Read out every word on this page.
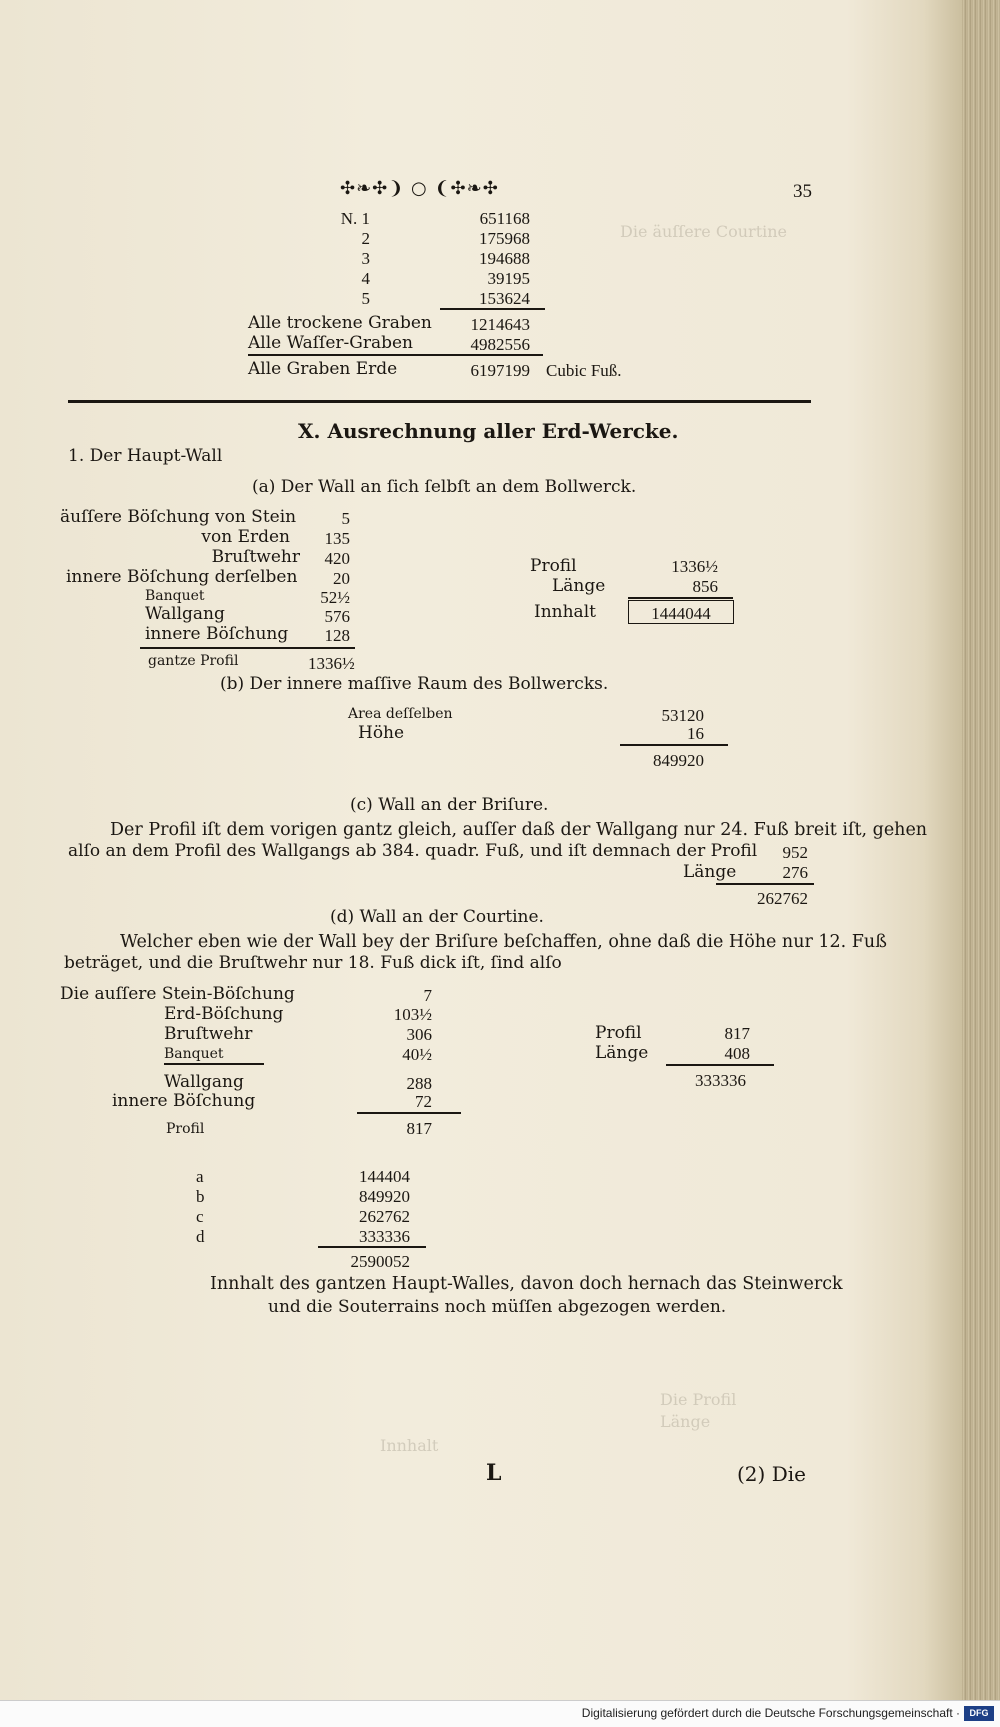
Die äuſſere Courtine
Die Profil
Länge
Innhalt
✣❧✣❩ ○ ❨✣❧✣	35
N. 1	651168
2	175968
3	194688
4	39195
5	153624
Alle trockene Graben	1214643
Alle Waſſer-Graben	4982556
Alle Graben Erde	6197199 Cubic Fuß.
X. Ausrechnung aller Erd-Wercke.
1. Der Haupt-Wall
(a) Der Wall an ſich ſelbſt an dem Bollwerck.
äuſſere Böſchung von Stein	5
von Erden	135
Bruſtwehr	420
innere Böſchung derſelben	20
Banquet	52½
Wallgang	576
innere Böſchung	128
gantze Profil	1336½
Profil	1336½
Länge	856
Innhalt	1444044
(b) Der innere maſſive Raum des Bollwercks.
Area deſſelben	53120
Höhe	16
849920
(c) Wall an der Briſure.
Der Profil iſt dem vorigen gantz gleich, auſſer daß der Wallgang nur 24. Fuß breit iſt, gehen
alſo an dem Profil des Wallgangs ab 384. quadr. Fuß, und iſt demnach der Profil	952
Länge	276
262762
(d) Wall an der Courtine.
Welcher eben wie der Wall bey der Briſure beſchaffen, ohne daß die Höhe nur 12. Fuß
beträget, und die Bruſtwehr nur 18. Fuß dick iſt, ſind alſo
Die auſſere Stein-Böſchung	7
Erd-Böſchung	103½
Bruſtwehr	306
Banquet	40½
Wallgang	288
innere Böſchung	72
Profil	817
Profil	817
Länge	408
333336
a	144404
b	849920
c	262762
d	333336
2590052
Innhalt des gantzen Haupt-Walles, davon doch hernach das Steinwerck
und die Souterrains noch müſſen abgezogen werden.
L	(2) Die
Digitalisierung gefördert durch die Deutsche Forschungsgemeinschaft ·	DFG
